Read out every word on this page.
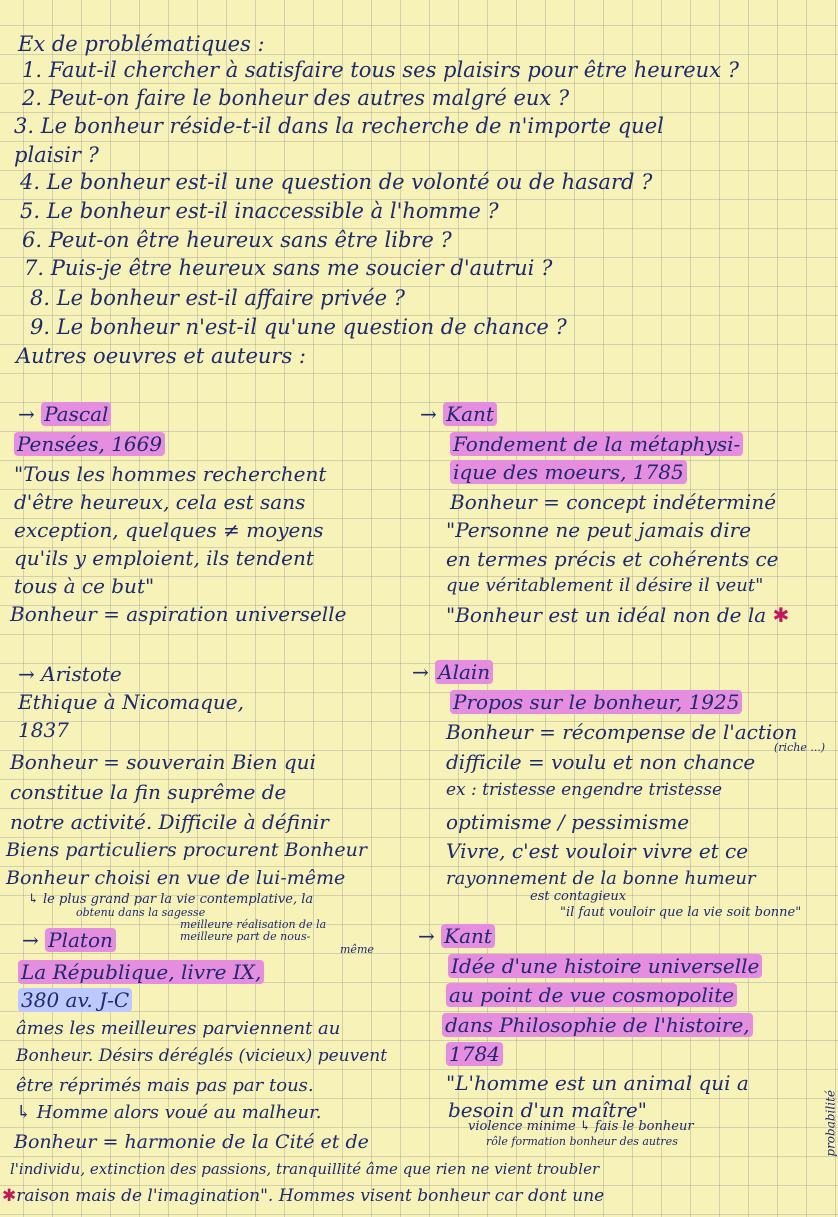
Ex de problématiques :
1. Faut-il chercher à satisfaire tous ses plaisirs pour être heureux ?
2. Peut-on faire le bonheur des autres malgré eux ?
3. Le bonheur réside-t-il dans la recherche de n'importe quel
plaisir ?
4. Le bonheur est-il une question de volonté ou de hasard ?
5. Le bonheur est-il inaccessible à l'homme ?
6. Peut-on être heureux sans être libre ?
7. Puis-je être heureux sans me soucier d'autrui ?
8. Le bonheur est-il affaire privée ?
9. Le bonheur n'est-il qu'une question de chance ?
Autres oeuvres et auteurs :
→ Pascal
Pensées, 1669
"Tous les hommes recherchent
d'être heureux, cela est sans
exception, quelques ≠ moyens
qu'ils y emploient, ils tendent
tous à ce but"
Bonheur = aspiration universelle
→ Kant
Fondement de la métaphysi-
ique des moeurs, 1785
Bonheur = concept indéterminé
"Personne ne peut jamais dire
en termes précis et cohérents ce
que véritablement il désire il veut"
"Bonheur est un idéal non de la ✱
→ Aristote
Ethique à Nicomaque,
1837
Bonheur = souverain Bien qui
constitue la fin suprême de
notre activité. Difficile à définir
Biens particuliers procurent Bonheur
Bonheur choisi en vue de lui-même
↳ le plus grand par la vie contemplative, la
obtenu dans la sagesse
meilleure réalisation de la
meilleure part de nous-
même
→ Alain
Propos sur le bonheur, 1925
Bonheur = récompense de l'action
difficile = voulu et non chance
(riche ...)
ex : tristesse engendre tristesse
optimisme / pessimisme
Vivre, c'est vouloir vivre et ce
rayonnement de la bonne humeur
est contagieux
"il faut vouloir que la vie soit bonne"
→ Platon
La République, livre IX,
380 av. J-C
âmes les meilleures parviennent au
Bonheur. Désirs déréglés (vicieux) peuvent
être réprimés mais pas par tous.
↳ Homme alors voué au malheur.
Bonheur = harmonie de la Cité et de
l'individu, extinction des passions, tranquillité âme que rien ne vient troubler
→ Kant
Idée d'une histoire universelle
au point de vue cosmopolite
dans Philosophie de l'histoire,
1784
"L'homme est un animal qui a
besoin d'un maître"
violence minime ↳ fais le bonheur
rôle formation bonheur des autres
✱raison mais de l'imagination". Hommes visent bonheur car dont une
probabilité
